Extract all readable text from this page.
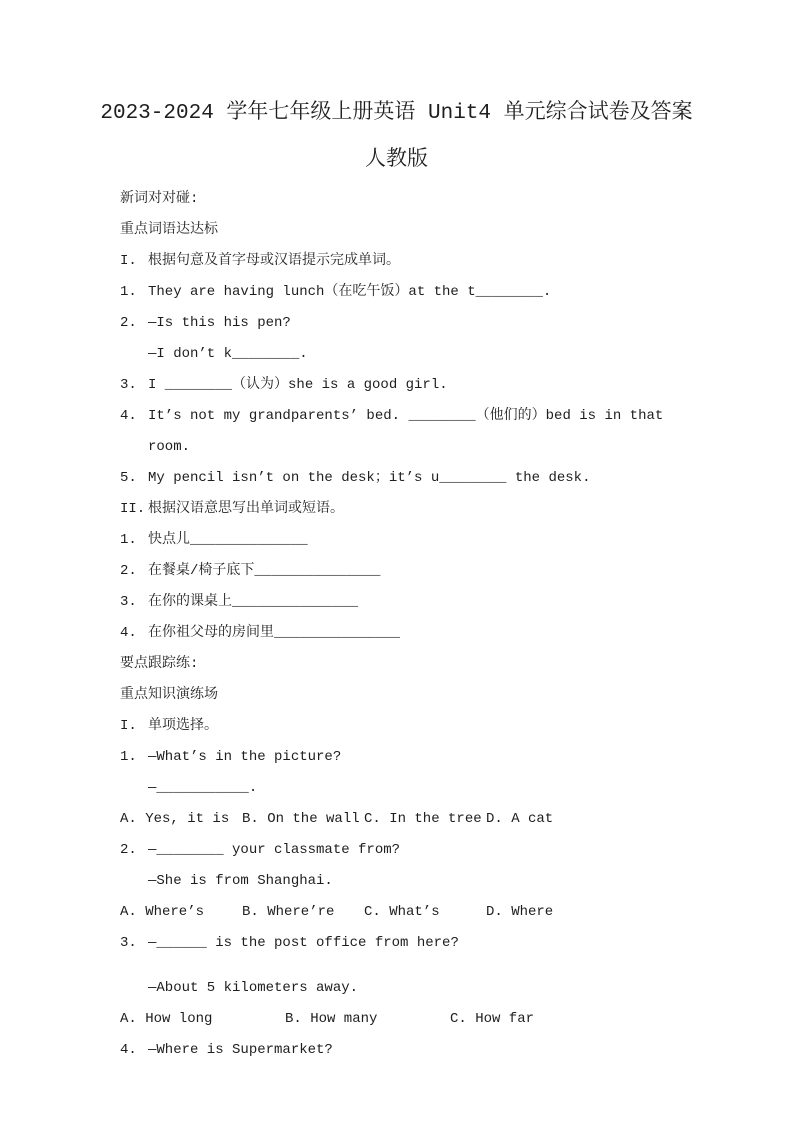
2023-2024 学年七年级上册英语 Unit4 单元综合试卷及答案
人教版
新词对对碰:
重点词语达达标
I. 根据句意及首字母或汉语提示完成单词。
1. They are having lunch（在吃午饭）at the t________.
2. —Is this his pen?
—I don’t k________.
3. I ________（认为）she is a good girl.
4. It’s not my grandparents’ bed. ________（他们的）bed is in that room.
5. My pencil isn’t on the desk；it’s u________ the desk.
II. 根据汉语意思写出单词或短语。
1. 快点儿______________
2. 在餐桌/椅子底下_______________
3. 在你的课桌上_______________
4. 在你祖父母的房间里_______________
要点跟踪练:
重点知识演练场
I. 单项选择。
1. —What’s in the picture?
—___________.
A. Yes, it is B. On the wall C. In the tree D. A cat
2. —________ your classmate from?
—She is from Shanghai.
A. Where’s	B. Where’re	C. What’s	D. Where
3. —______ is the post office from here?
—About 5 kilometers away.
A. How long	B. How many	C. How far
4. —Where is Supermarket?
